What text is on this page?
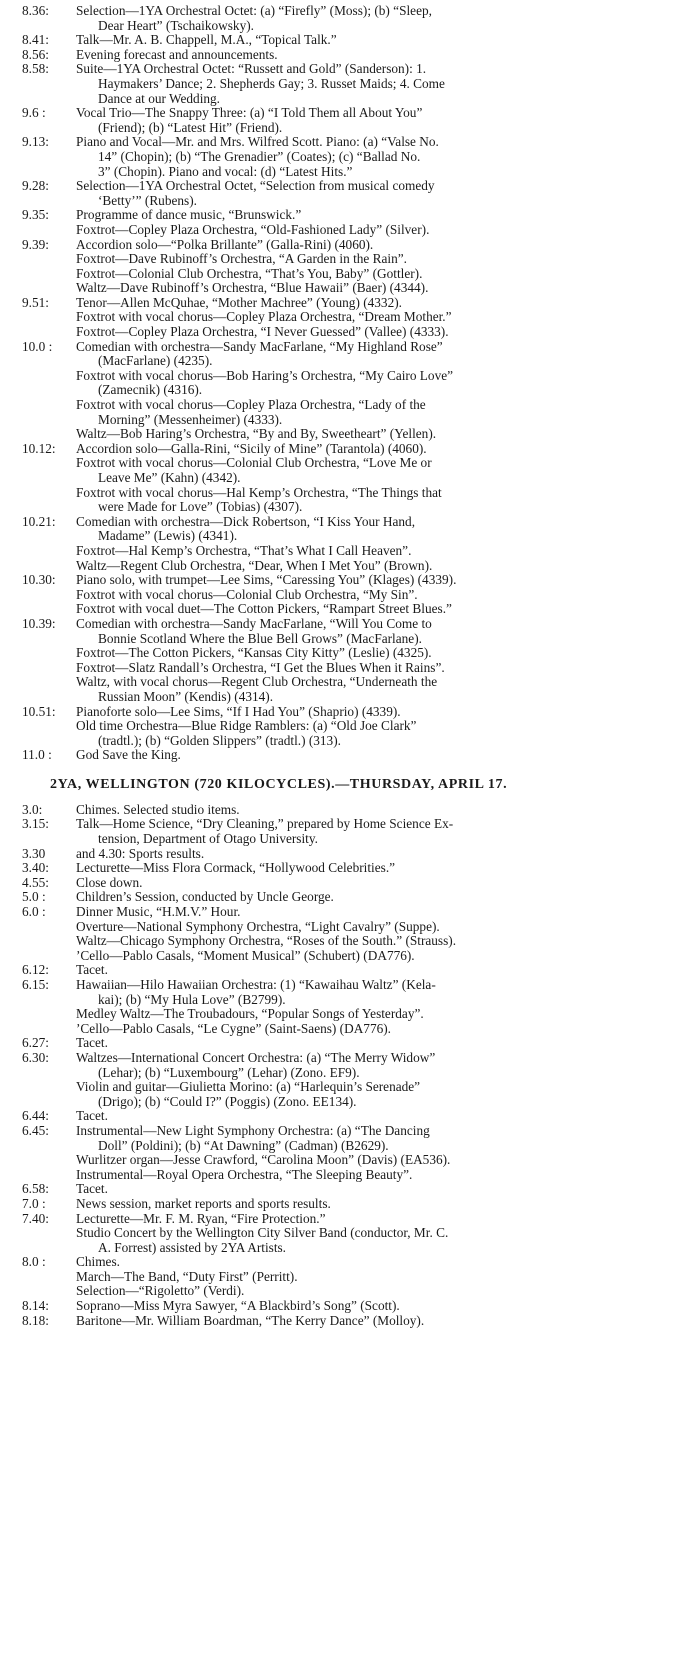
8.36:	Selection—1YA Orchestral Octet: (a) “Firefly” (Moss); (b) “Sleep,
Dear Heart” (Tschaikowsky).
8.41:	Talk—Mr. A. B. Chappell, M.A., “Topical Talk.”
8.56:	Evening forecast and announcements.
8.58:	Suite—1YA Orchestral Octet: “Russett and Gold” (Sanderson): 1.
Haymakers’ Dance; 2. Shepherds Gay; 3. Russet Maids; 4. Come
Dance at our Wedding.
9.6 :	Vocal Trio—The Snappy Three: (a) “I Told Them all About You”
(Friend); (b) “Latest Hit” (Friend).
9.13:	Piano and Vocal—Mr. and Mrs. Wilfred Scott. Piano: (a) “Valse No.
14” (Chopin); (b) “The Grenadier” (Coates); (c) “Ballad No.
3” (Chopin). Piano and vocal: (d) “Latest Hits.”
9.28:	Selection—1YA Orchestral Octet, “Selection from musical comedy
‘Betty’” (Rubens).
9.35:	Programme of dance music, “Brunswick.”
Foxtrot—Copley Plaza Orchestra, “Old-Fashioned Lady” (Silver).
9.39:	Accordion solo—“Polka Brillante” (Galla-Rini) (4060).
Foxtrot—Dave Rubinoff’s Orchestra, “A Garden in the Rain”.
Foxtrot—Colonial Club Orchestra, “That’s You, Baby” (Gottler).
Waltz—Dave Rubinoff’s Orchestra, “Blue Hawaii” (Baer) (4344).
9.51:	Tenor—Allen McQuhae, “Mother Machree” (Young) (4332).
Foxtrot with vocal chorus—Copley Plaza Orchestra, “Dream Mother.”
Foxtrot—Copley Plaza Orchestra, “I Never Guessed” (Vallee) (4333).
10.0 :	Comedian with orchestra—Sandy MacFarlane, “My Highland Rose”
(MacFarlane) (4235).
Foxtrot with vocal chorus—Bob Haring’s Orchestra, “My Cairo Love”
(Zamecnik) (4316).
Foxtrot with vocal chorus—Copley Plaza Orchestra, “Lady of the
Morning” (Messenheimer) (4333).
Waltz—Bob Haring’s Orchestra, “By and By, Sweetheart” (Yellen).
10.12:	Accordion solo—Galla-Rini, “Sicily of Mine” (Tarantola) (4060).
Foxtrot with vocal chorus—Colonial Club Orchestra, “Love Me or
Leave Me” (Kahn) (4342).
Foxtrot with vocal chorus—Hal Kemp’s Orchestra, “The Things that
were Made for Love” (Tobias) (4307).
10.21:	Comedian with orchestra—Dick Robertson, “I Kiss Your Hand,
Madame” (Lewis) (4341).
Foxtrot—Hal Kemp’s Orchestra, “That’s What I Call Heaven”.
Waltz—Regent Club Orchestra, “Dear, When I Met You” (Brown).
10.30:	Piano solo, with trumpet—Lee Sims, “Caressing You” (Klages) (4339).
Foxtrot with vocal chorus—Colonial Club Orchestra, “My Sin”.
Foxtrot with vocal duet—The Cotton Pickers, “Rampart Street Blues.”
10.39:	Comedian with orchestra—Sandy MacFarlane, “Will You Come to
Bonnie Scotland Where the Blue Bell Grows” (MacFarlane).
Foxtrot—The Cotton Pickers, “Kansas City Kitty” (Leslie) (4325).
Foxtrot—Slatz Randall’s Orchestra, “I Get the Blues When it Rains”.
Waltz, with vocal chorus—Regent Club Orchestra, “Underneath the
Russian Moon” (Kendis) (4314).
10.51:	Pianoforte solo—Lee Sims, “If I Had You” (Shaprio) (4339).
Old time Orchestra—Blue Ridge Ramblers: (a) “Old Joe Clark”
(tradtl.); (b) “Golden Slippers” (tradtl.) (313).
11.0 :	God Save the King.
2YA, WELLINGTON (720 KILOCYCLES).—THURSDAY, APRIL 17.
3.0:	Chimes. Selected studio items.
3.15:	Talk—Home Science, “Dry Cleaning,” prepared by Home Science Ex-
tension, Department of Otago University.
3.30	and 4.30: Sports results.
3.40:	Lecturette—Miss Flora Cormack, “Hollywood Celebrities.”
4.55:	Close down.
5.0 :	Children’s Session, conducted by Uncle George.
6.0 :	Dinner Music, “H.M.V.” Hour.
Overture—National Symphony Orchestra, “Light Cavalry” (Suppe).
Waltz—Chicago Symphony Orchestra, “Roses of the South.” (Strauss).
’Cello—Pablo Casals, “Moment Musical” (Schubert) (DA776).
6.12:	Tacet.
6.15:	Hawaiian—Hilo Hawaiian Orchestra: (1) “Kawaihau Waltz” (Kela-
kai); (b) “My Hula Love” (B2799).
Medley Waltz—The Troubadours, “Popular Songs of Yesterday”.
’Cello—Pablo Casals, “Le Cygne” (Saint-Saens) (DA776).
6.27:	Tacet.
6.30:	Waltzes—International Concert Orchestra: (a) “The Merry Widow”
(Lehar); (b) “Luxembourg” (Lehar) (Zono. EF9).
Violin and guitar—Giulietta Morino: (a) “Harlequin’s Serenade”
(Drigo); (b) “Could I?” (Poggis) (Zono. EE134).
6.44:	Tacet.
6.45:	Instrumental—New Light Symphony Orchestra: (a) “The Dancing
Doll” (Poldini); (b) “At Dawning” (Cadman) (B2629).
Wurlitzer organ—Jesse Crawford, “Carolina Moon” (Davis) (EA536).
Instrumental—Royal Opera Orchestra, “The Sleeping Beauty”.
6.58:	Tacet.
7.0 :	News session, market reports and sports results.
7.40:	Lecturette—Mr. F. M. Ryan, “Fire Protection.”
Studio Concert by the Wellington City Silver Band (conductor, Mr. C.
A. Forrest) assisted by 2YA Artists.
8.0 :	Chimes.
March—The Band, “Duty First” (Perritt).
Selection—“Rigoletto” (Verdi).
8.14:	Soprano—Miss Myra Sawyer, “A Blackbird’s Song” (Scott).
8.18:	Baritone—Mr. William Boardman, “The Kerry Dance” (Molloy).
